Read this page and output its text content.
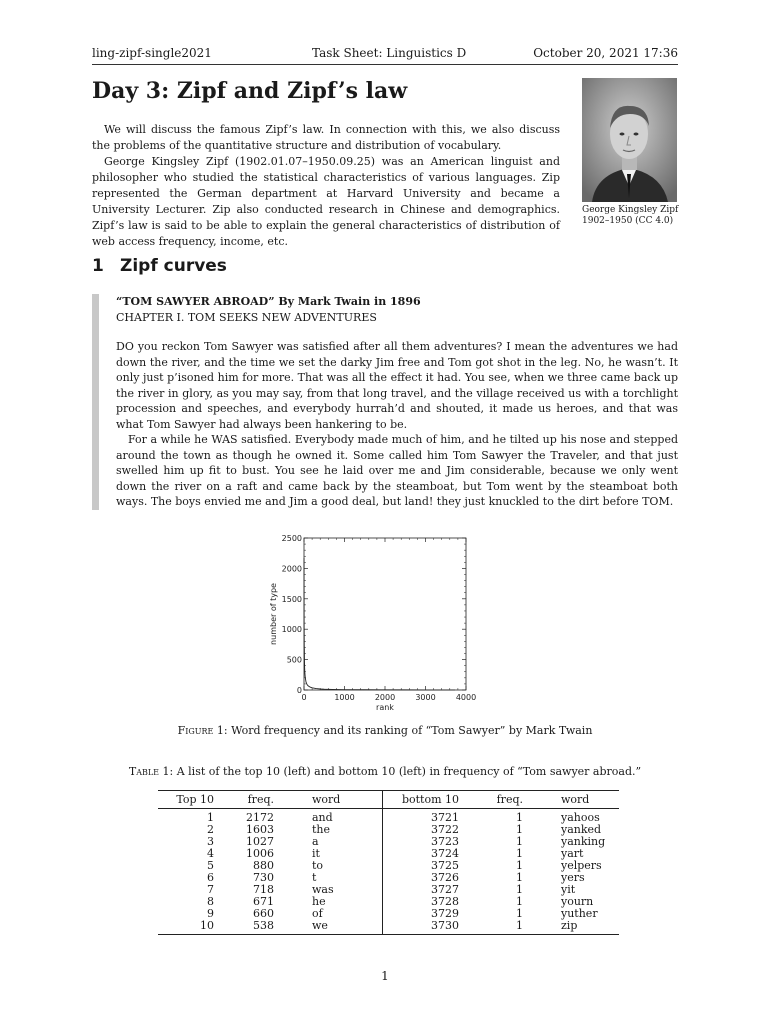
ling-zipf-single2021	Task Sheet: Linguistics D	October 20, 2021 17:36
Day 3: Zipf and Zipf’s law

We will discuss the famous Zipf’s law. In connection with this, we also discuss the problems of the quantitative structure and distribution of vocabulary.

George Kingsley Zipf (1902.01.07–1950.09.25) was an American linguist and philosopher who studied the statistical characteristics of various languages. Zip represented the German department at Harvard University and became a University Lecturer. Zip also conducted research in Chinese and demographics. Zipf’s law is said to be able to explain the general characteristics of distribution of web access frequency, income, etc.

George Kingsley Zipf
1902–1950 (CC 4.0)
1 Zipf curves

“TOM SAWYER ABROAD” By Mark Twain in 1896

CHAPTER I. TOM SEEKS NEW ADVENTURES

DO you reckon Tom Sawyer was satisfied after all them adventures? I mean the adventures we had down the river, and the time we set the darky Jim free and Tom got shot in the leg. No, he wasn’t. It only just p’isoned him for more. That was all the effect it had. You see, when we three came back up the river in glory, as you may say, from that long travel, and the village received us with a torchlight procession and speeches, and everybody hurrah’d and shouted, it made us heroes, and that was what Tom Sawyer had always been hankering to be.

For a while he WAS satisfied. Everybody made much of him, and he tilted up his nose and stepped around the town as though he owned it. Some called him Tom Sawyer the Traveler, and that just swelled him up fit to bust. You see he laid over me and Jim considerable, because we only went down the river on a raft and came back by the steamboat, but Tom went by the steamboat both ways. The boys envied me and Jim a good deal, but land! they just knuckled to the dirt before TOM.

0
500
1000
1500
2000
2500
0	1000	2000	3000	4000
rank
number of type
Figure 1: Word frequency and its ranking of “Tom Sawyer” by Mark Twain
Table 1: A list of the top 10 (left) and bottom 10 (left) in frequency of “Tom sawyer abroad.”
Top 10	freq.	word	bottom 10	freq.	word
1	2172	and	3721	1	yahoos
2	1603	the	3722	1	yanked
3	1027	a	3723	1	yanking
4	1006	it	3724	1	yart
5	880	to	3725	1	yelpers
6	730	t	3726	1	yers
7	718	was	3727	1	yit
8	671	he	3728	1	yourn
9	660	of	3729	1	yuther
10	538	we	3730	1	zip
1
